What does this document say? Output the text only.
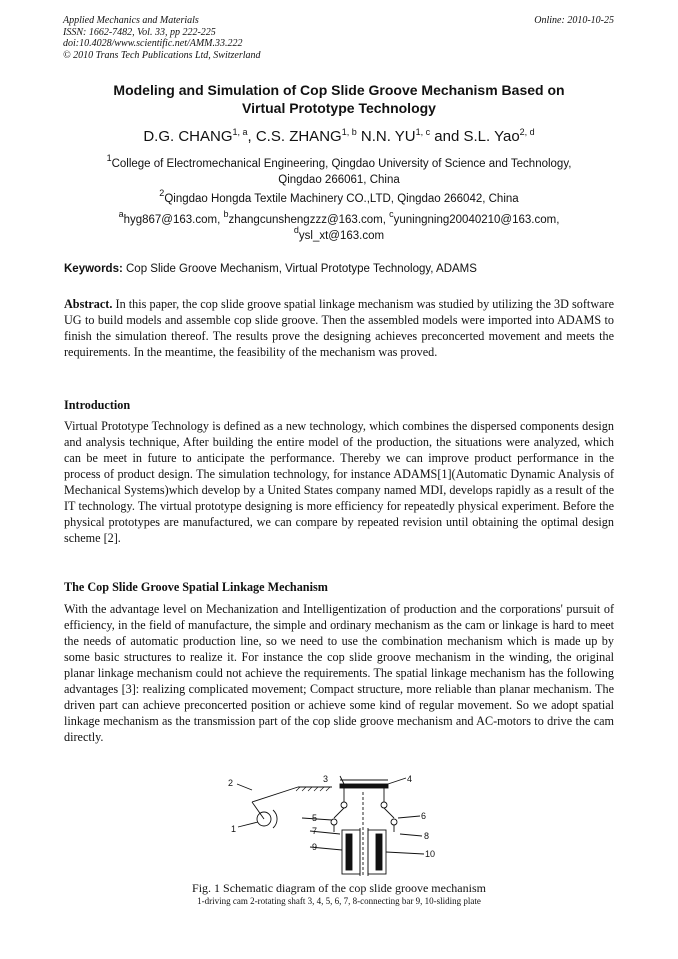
Applied Mechanics and Materials
ISSN: 1662-7482, Vol. 33, pp 222-225
doi:10.4028/www.scientific.net/AMM.33.222
© 2010 Trans Tech Publications Ltd, Switzerland
Online: 2010-10-25
Modeling and Simulation of Cop Slide Groove Mechanism Based on
Virtual Prototype Technology
D.G. CHANG$^{1, a}$, C.S. ZHANG$^{1, b}$ N.N. YU$^{1, c}$ and S.L. Yao$^{2, d}$
$^1$College of Electromechanical Engineering, Qingdao University of Science and Technology,
Qingdao 266061, China
$^2$Qingdao Hongda Textile Machinery CO.,LTD, Qingdao 266042, China
$^a$hyg867@163.com, $^b$zhangcunshengzzz@163.com, $^c$yuningning20040210@163.com,
$^d$ysl_xt@163.com
Keywords: Cop Slide Groove Mechanism, Virtual Prototype Technology, ADAMS
Abstract. In this paper, the cop slide groove spatial linkage mechanism was studied by utilizing the 3D software UG to build models and assemble cop slide groove. Then the assembled models were imported into ADAMS to finish the simulation thereof. The results prove the designing achieves preconcerted movement and meets the requirements. In the meantime, the feasibility of the mechanism was proved.
Introduction
Virtual Prototype Technology is defined as a new technology, which combines the dispersed components design and analysis technique, After building the entire model of the production, the situations were analyzed, which can be meet in future to anticipate the performance. Thereby we can improve product performance in the process of product design. The simulation technology, for instance ADAMS[1](Automatic Dynamic Analysis of Mechanical Systems)which develop by a United States company named MDI, develops rapidly as a result of the IT technology. The virtual prototype designing is more efficiency for repeatedly physical experiment. Before the physical prototypes are manufactured, we can compare by repeated revision until obtaining the optimal design scheme [2].
The Cop Slide Groove Spatial Linkage Mechanism
With the advantage level on Mechanization and Intelligentization of production and the corporations' pursuit of efficiency, in the field of manufacture, the simple and ordinary mechanism as the cam or linkage is hard to meet the needs of automatic production line, so we need to use the combination mechanism which is made up by some basic structures to realize it. For instance the cop slide groove mechanism in the winding, the original planar linkage mechanism could not achieve the requirements. The spatial linkage mechanism has the following advantages [3]: realizing complicated movement; Compact structure, more reliable than planar mechanism. The driven part can achieve preconcerted position or achieve some kind of regular movement. So we adopt spatial linkage mechanism as the transmission part of the cop slide groove mechanism and AC-motors to drive the cam directly.
1
2	3	4
5	6
7	8
9
10
Fig. 1 Schematic diagram of the cop slide groove mechanism
1-driving cam 2-rotating shaft 3, 4, 5, 6, 7, 8-connecting bar 9, 10-sliding plate
